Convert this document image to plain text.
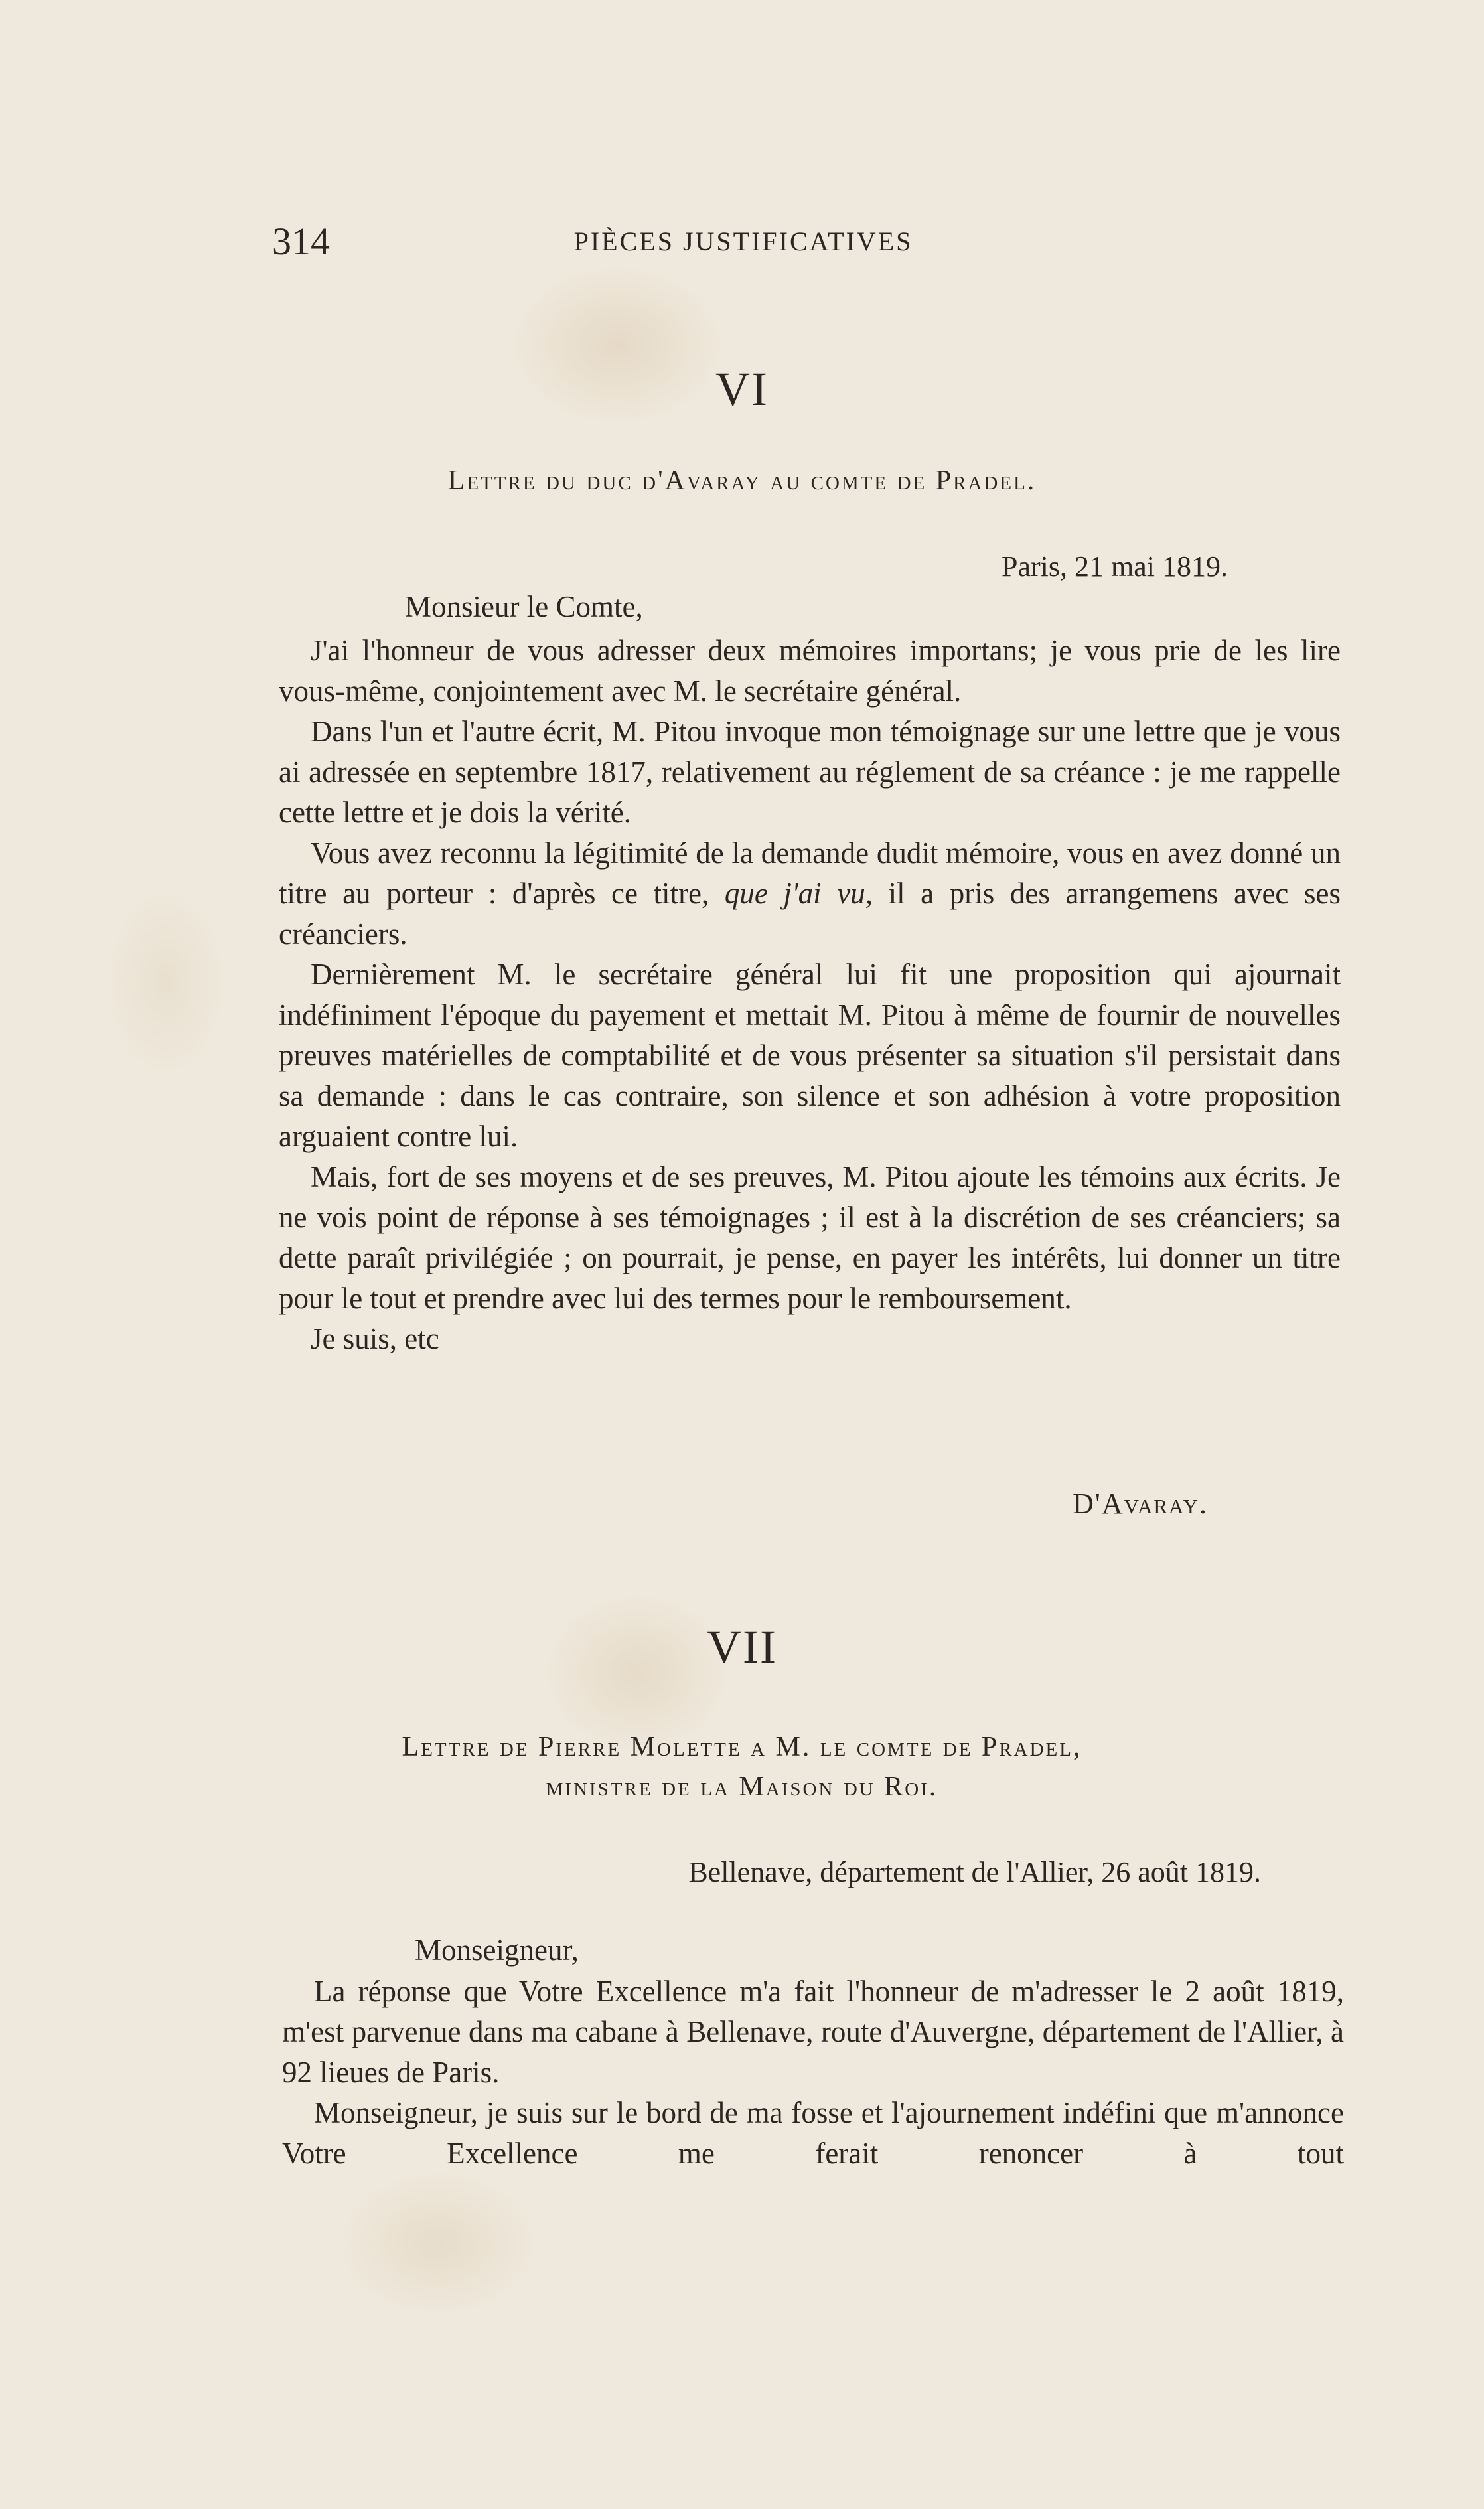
314	PIÈCES JUSTIFICATIVES
VI
Lettre du duc d'Avaray au comte de Pradel.
Paris, 21 mai 1819.
Monsieur le Comte,

J'ai l'honneur de vous adresser deux mémoires importans; je vous prie de les lire vous-même, conjointement avec M. le secrétaire général.

Dans l'un et l'autre écrit, M. Pitou invoque mon témoignage sur une lettre que je vous ai adressée en septembre 1817, relativement au réglement de sa créance : je me rappelle cette lettre et je dois la vérité.

Vous avez reconnu la légitimité de la demande dudit mémoire, vous en avez donné un titre au porteur : d'après ce titre, que j'ai vu, il a pris des arrangemens avec ses créanciers.

Dernièrement M. le secrétaire général lui fit une proposition qui ajournait indéfiniment l'époque du payement et mettait M. Pitou à même de fournir de nouvelles preuves matérielles de comptabilité et de vous présenter sa situation s'il persistait dans sa demande : dans le cas contraire, son silence et son adhésion à votre proposition arguaient contre lui.

Mais, fort de ses moyens et de ses preuves, M. Pitou ajoute les témoins aux écrits. Je ne vois point de réponse à ses témoignages ; il est à la discrétion de ses créanciers; sa dette paraît privilégiée ; on pourrait, je pense, en payer les intérêts, lui donner un titre pour le tout et prendre avec lui des termes pour le remboursement.

Je suis, etc

D'Avaray.
VII
Lettre de Pierre Molette a M. le comte de Pradel,
ministre de la Maison du Roi.
Bellenave, département de l'Allier, 26 août 1819.
Monseigneur,

La réponse que Votre Excellence m'a fait l'honneur de m'adresser le 2 août 1819, m'est parvenue dans ma cabane à Bellenave, route d'Auvergne, département de l'Allier, à 92 lieues de Paris.

Monseigneur, je suis sur le bord de ma fosse et l'ajournement indéfini que m'annonce Votre Excellence me ferait renoncer à tout
